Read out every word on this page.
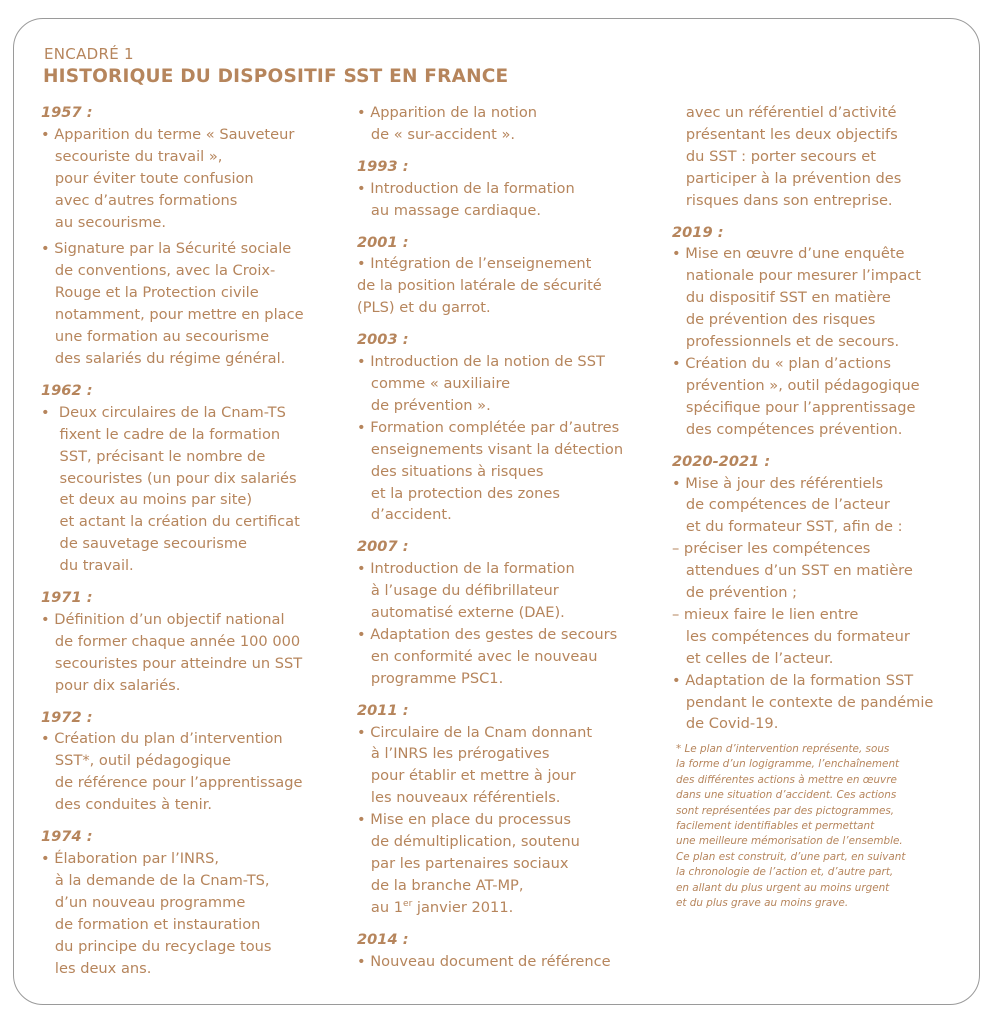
ENCADRÉ 1
HISTORIQUE DU DISPOSITIF SST EN FRANCE
1957 :
• Apparition du terme « Sauveteur
secouriste du travail »,
pour éviter toute confusion
avec d’autres formations
au secourisme.
• Signature par la Sécurité sociale
de conventions, avec la Croix-
Rouge et la Protection civile
notamment, pour mettre en place
une formation au secourisme
des salariés du régime général.
1962 :
•  Deux circulaires de la Cnam-TS
fixent le cadre de la formation
SST, précisant le nombre de
secouristes (un pour dix salariés
et deux au moins par site)
et actant la création du certificat
de sauvetage secourisme
du travail.
1971 :
• Définition d’un objectif national
de former chaque année 100 000
secouristes pour atteindre un SST
pour dix salariés.
1972 :
• Création du plan d’intervention
SST*, outil pédagogique
de référence pour l’apprentissage
des conduites à tenir.
1974 :
• Élaboration par l’INRS,
à la demande de la Cnam-TS,
d’un nouveau programme
de formation et instauration
du principe du recyclage tous
les deux ans.
• Apparition de la notion
de « sur-accident ».
1993 :
• Introduction de la formation
au massage cardiaque.
2001 :
• Intégration de l’enseignement
de la position latérale de sécurité
(PLS) et du garrot.
2003 :
• Introduction de la notion de SST
comme « auxiliaire
de prévention ».
• Formation complétée par d’autres
enseignements visant la détection
des situations à risques
et la protection des zones
d’accident.
2007 :
• Introduction de la formation
à l’usage du défibrillateur
automatisé externe (DAE).
• Adaptation des gestes de secours
en conformité avec le nouveau
programme PSC1.
2011 :
• Circulaire de la Cnam donnant
à l’INRS les prérogatives
pour établir et mettre à jour
les nouveaux référentiels.
• Mise en place du processus
de démultiplication, soutenu
par les partenaires sociaux
de la branche AT-MP,
au 1er janvier 2011.
2014 :
• Nouveau document de référence
avec un référentiel d’activité
présentant les deux objectifs
du SST : porter secours et
participer à la prévention des
risques dans son entreprise.
2019 :
• Mise en œuvre d’une enquête
nationale pour mesurer l’impact
du dispositif SST en matière
de prévention des risques
professionnels et de secours.
• Création du « plan d’actions
prévention », outil pédagogique
spécifique pour l’apprentissage
des compétences prévention.
2020-2021 :
• Mise à jour des référentiels
de compétences de l’acteur
et du formateur SST, afin de :
– préciser les compétences
attendues d’un SST en matière
de prévention ;
– mieux faire le lien entre
les compétences du formateur
et celles de l’acteur.
• Adaptation de la formation SST
pendant le contexte de pandémie
de Covid-19.
* Le plan d’intervention représente, sous
la forme d’un logigramme, l’enchaînement
des différentes actions à mettre en œuvre
dans une situation d’accident. Ces actions
sont représentées par des pictogrammes,
facilement identifiables et permettant
une meilleure mémorisation de l’ensemble.
Ce plan est construit, d’une part, en suivant
la chronologie de l’action et, d’autre part,
en allant du plus urgent au moins urgent
et du plus grave au moins grave.
